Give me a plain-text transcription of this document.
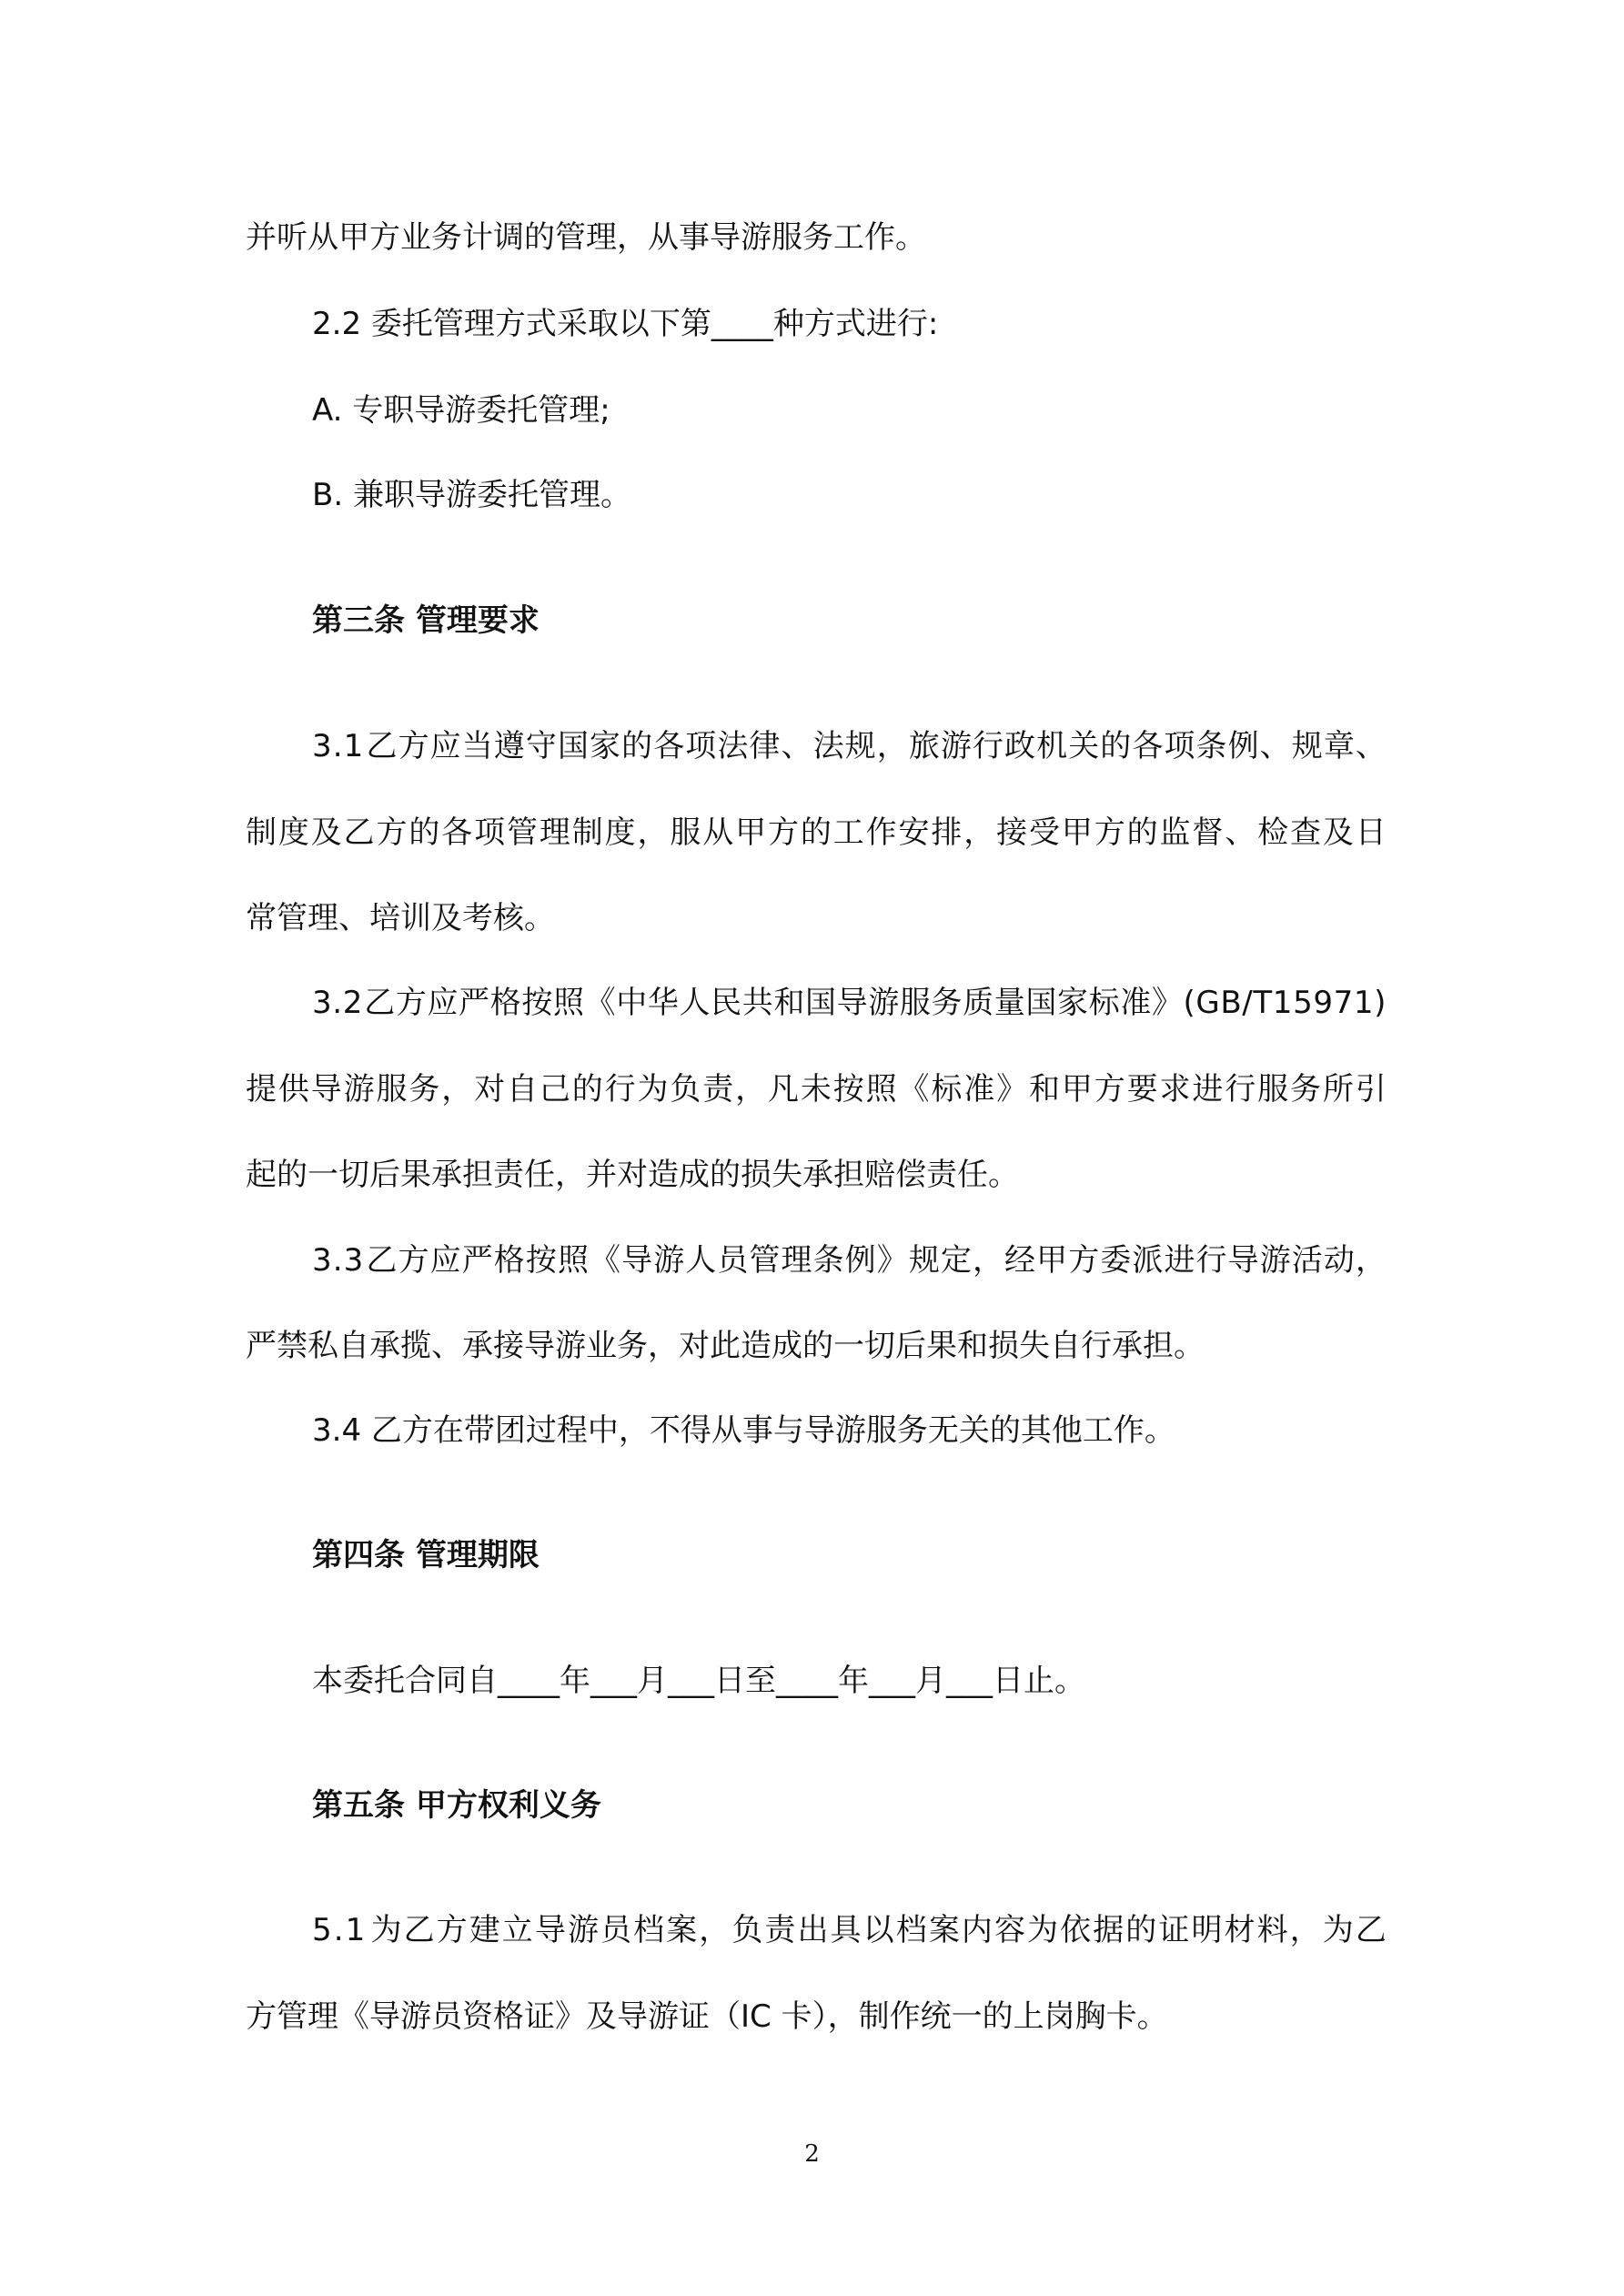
并听从甲方业务计调的管理，从事导游服务工作。
2.2 委托管理方式采取以下第____种方式进行:
A. 专职导游委托管理;
B. 兼职导游委托管理。
第三条 管理要求
3 . 1 乙 方 应 当 遵 守 国 家 的 各 项 法 律 、 法 规 ， 旅 游 行 政 机 关 的 各 项 条 例 、 规 章 、
制 度 及 乙 方 的 各 项 管 理 制 度 ， 服 从 甲 方 的 工 作 安 排 ， 接 受 甲 方 的 监 督 、 检 查 及 日
常管理、培训及考核。
3 . 2 乙 方 应 严 格 按 照 《 中 华 人 民 共 和 国 导 游 服 务 质 量 国 家 标 准 》 ( G B / T 1 5 9 7 1 )
提 供 导 游 服 务 ， 对 自 己 的 行 为 负 责 ， 凡 未 按 照 《 标 准 》 和 甲 方 要 求 进 行 服 务 所 引
起的一切后果承担责任，并对造成的损失承担赔偿责任。
3 . 3 乙 方 应 严 格 按 照 《 导 游 人 员 管 理 条 例 》 规 定 ， 经 甲 方 委 派 进 行 导 游 活 动 ，
严禁私自承揽、承接导游业务，对此造成的一切后果和损失自行承担。
3.4 乙方在带团过程中，不得从事与导游服务无关的其他工作。
第四条 管理期限
本委托合同自____年___月___日至____年___月___日止。
第五条 甲方权利义务
5 . 1 为 乙 方 建 立 导 游 员 档 案 ， 负 责 出 具 以 档 案 内 容 为 依 据 的 证 明 材 料 ， 为 乙
方管理《导游员资格证》及导游证（IC 卡），制作统一的上岗胸卡。
2
